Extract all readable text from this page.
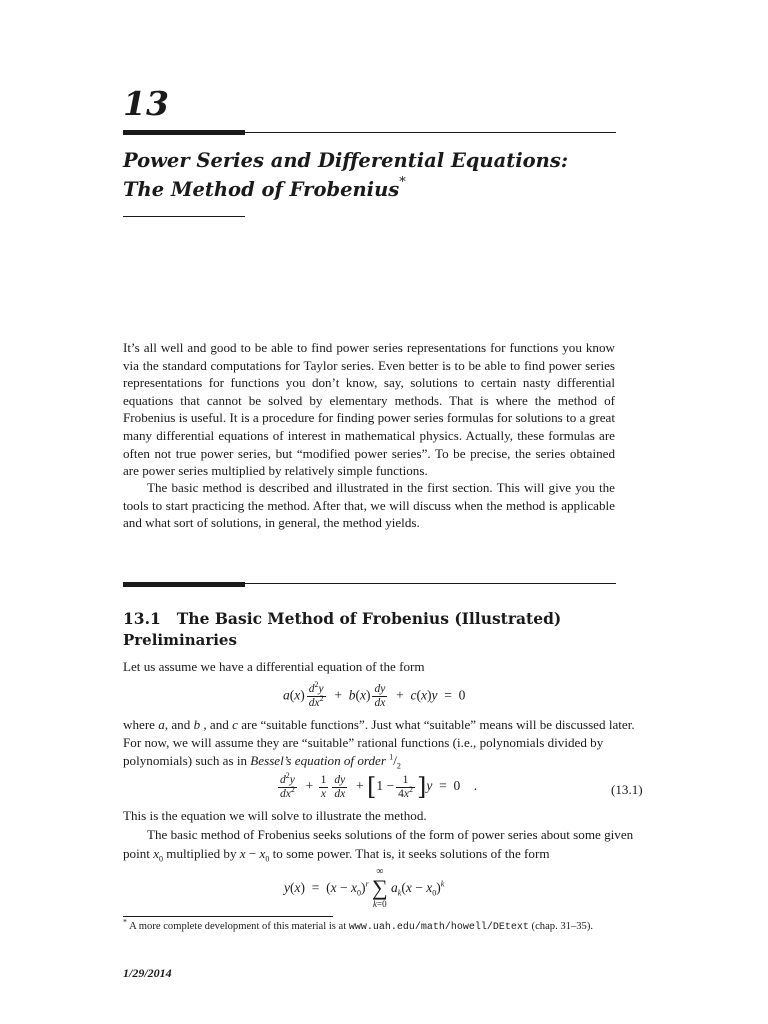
13
Power Series and Differential Equations:
The Method of Frobenius*

It’s all well and good to be able to find power series representations for functions you know via the standard computations for Taylor series. Even better is to be able to find power series representations for functions you don’t know, say, solutions to certain nasty differential equations that cannot be solved by elementary methods. That is where the method of Frobenius is useful. It is a procedure for finding power series formulas for solutions to a great many differential equations of interest in mathematical physics. Actually, these formulas are often not true power series, but “modified power series”. To be precise, the series obtained are power series multiplied by relatively simple functions.

The basic method is described and illustrated in the first section. This will give you the tools to start practicing the method. After that, we will discuss when the method is applicable and what sort of solutions, in general, the method yields.

13.1 The Basic Method of Frobenius (Illustrated)
Preliminaries

Let us assume we have a differential equation of the form

$a(x) \frac{d^2y}{dx^2} + b(x) \frac{dy}{dx} + c(x)y = 0$

where a, and b , and c are “suitable functions”. Just what “suitable” means will be discussed later.

For now, we will assume they are “suitable” rational functions (i.e., polynomials divided by

polynomials) such as in Bessel’s equation of order $^1/_2$

$\frac{d^2y}{dx^2} + \frac{1}{x} \frac{dy}{dx} + [1 - \frac{1}{4x^2} ]y = 0$    .	(13.1)

This is the equation we will solve to illustrate the method.

The basic method of Frobenius seeks solutions of the form of power series about some given

point $x_0$ multiplied by $x - x_0$ to some power. That is, it seeks solutions of the form

$y(x) = (x - x_0)^r$
∞
∑
k=0
$a_k(x - x_0)^k$

* A more complete development of this material is at www.uah.edu/math/howell/DEtext (chap. 31–35).

1/29/2014
